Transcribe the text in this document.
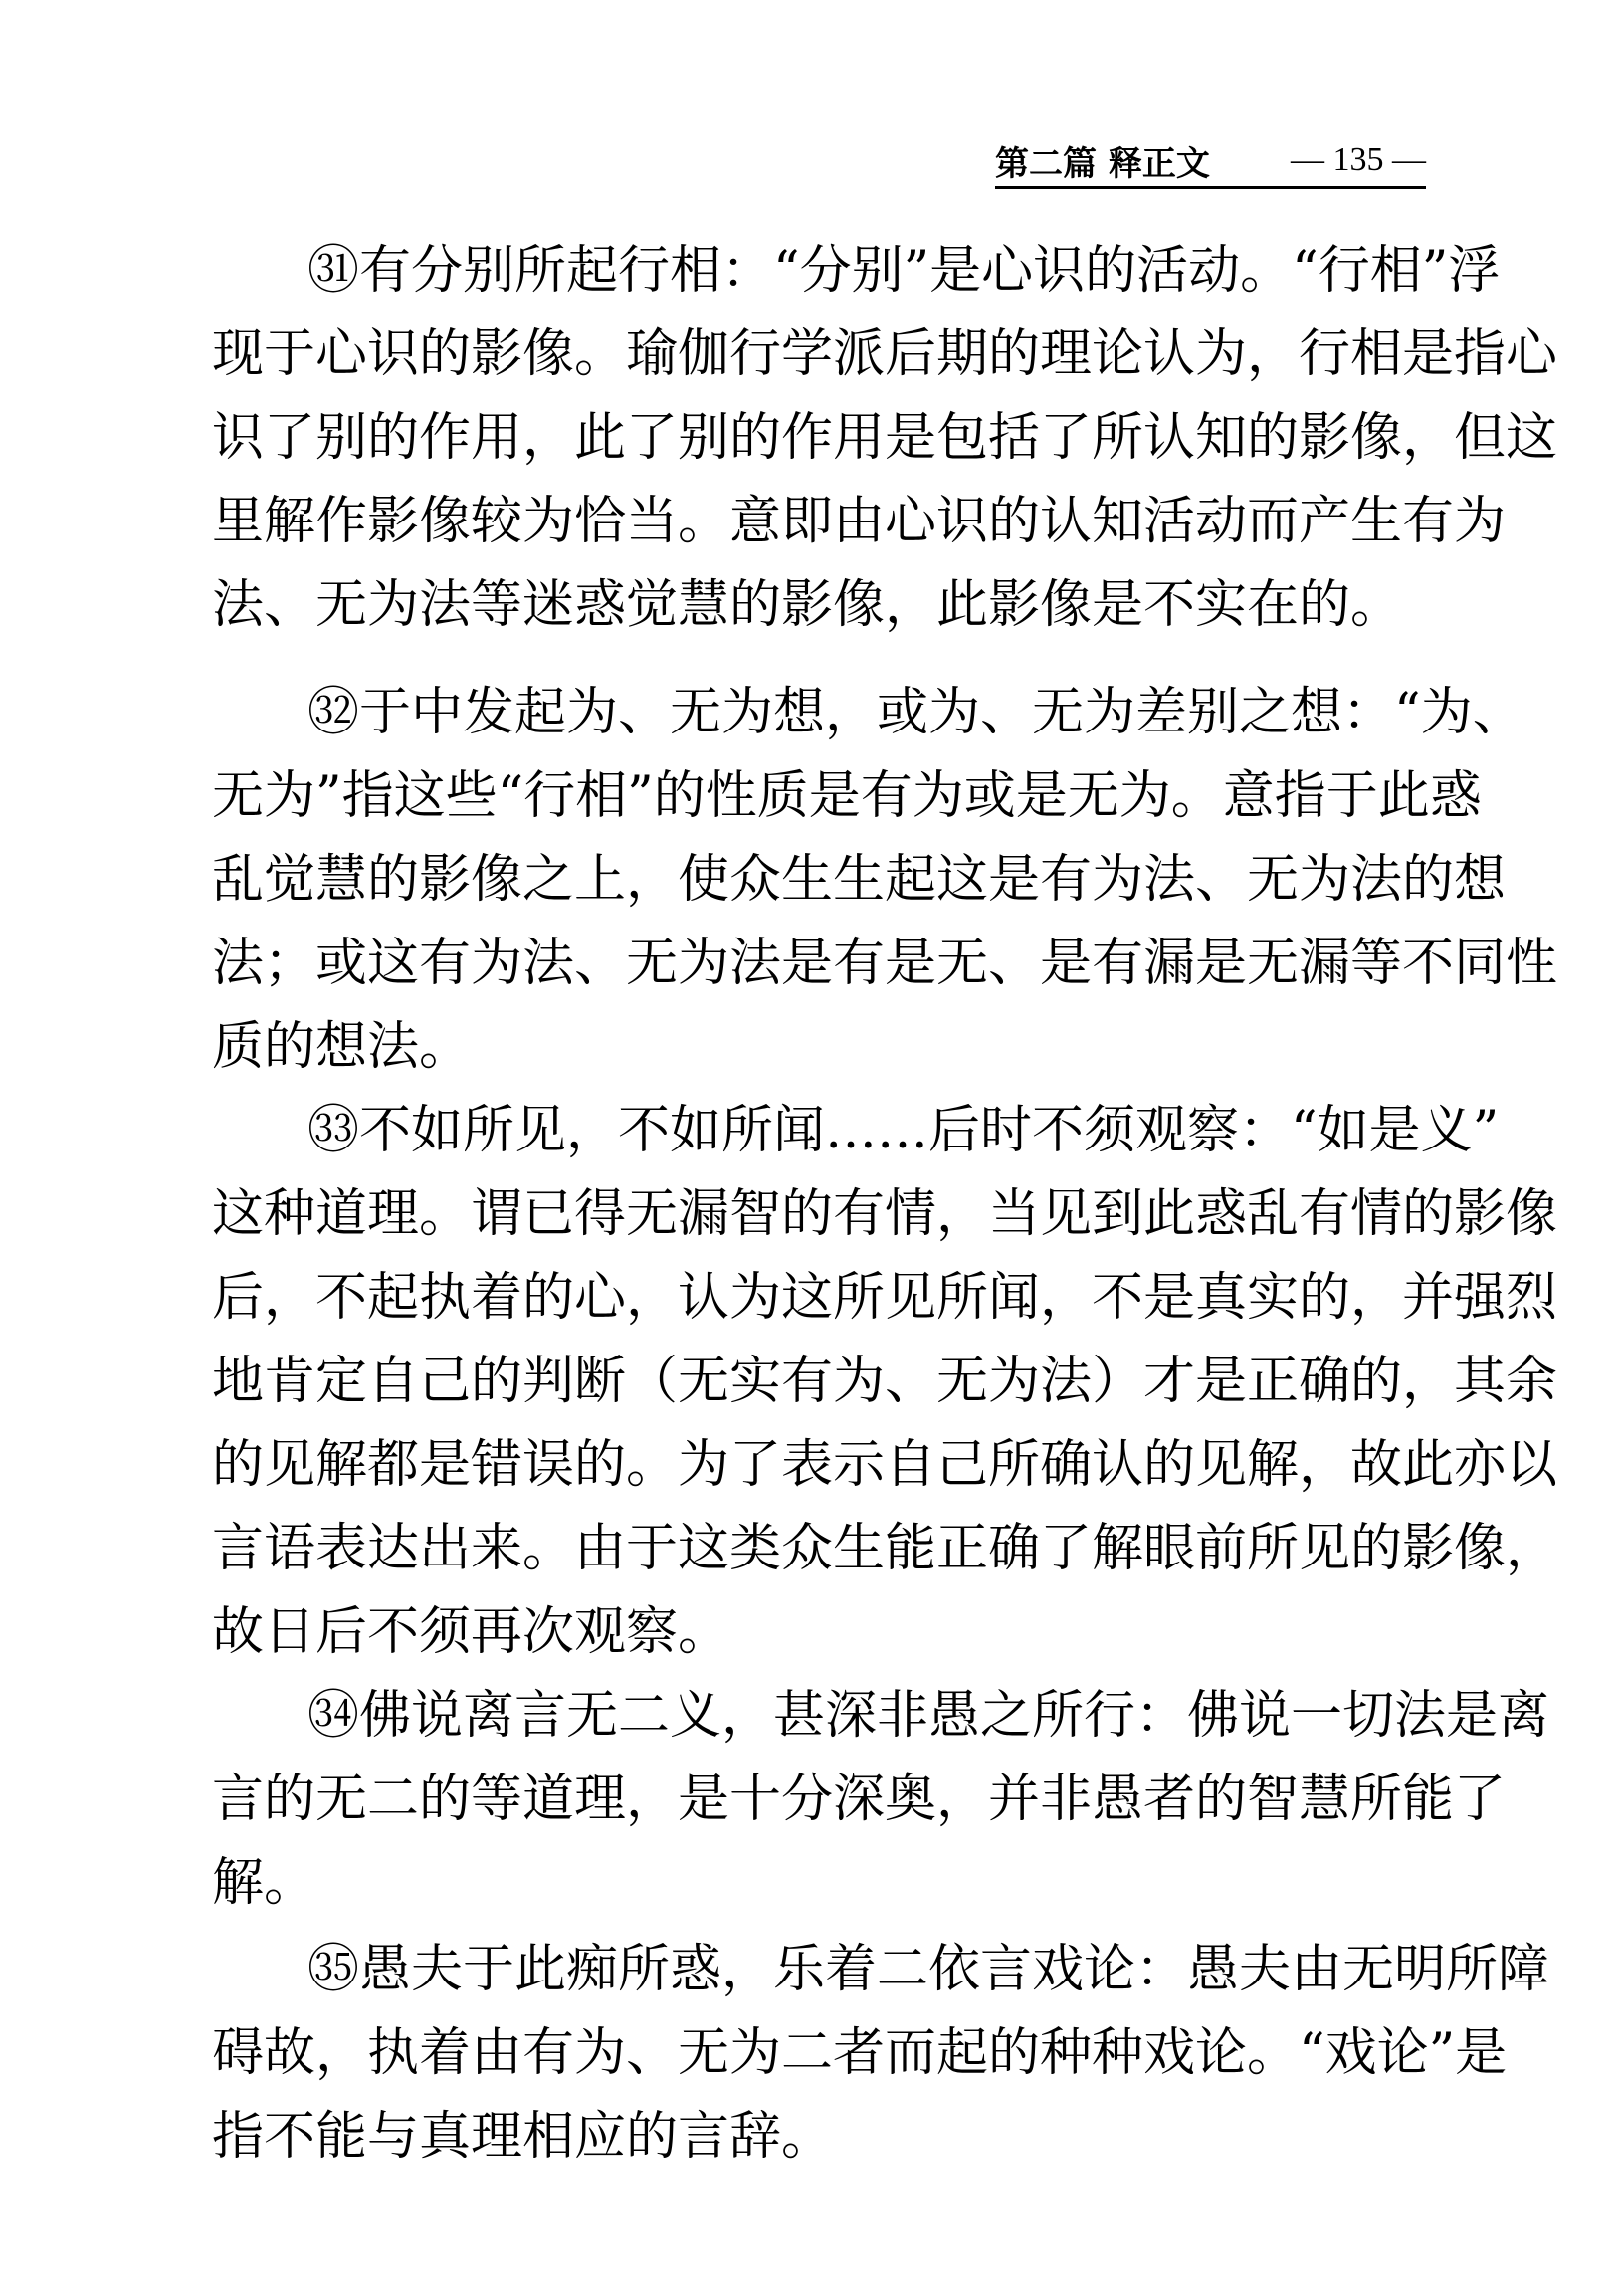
第二篇 释正文 — 135 —
㉛有分别所起行相：“分别”是心识的活动。“行相”浮
现于心识的影像。瑜伽行学派后期的理论认为，行相是指心
识了别的作用，此了别的作用是包括了所认知的影像，但这
里解作影像较为恰当。意即由心识的认知活动而产生有为
法、无为法等迷惑觉慧的影像，此影像是不实在的。
㉜于中发起为、无为想，或为、无为差别之想：“为、
无为”指这些“行相”的性质是有为或是无为。意指于此惑
乱觉慧的影像之上，使众生生起这是有为法、无为法的想
法；或这有为法、无为法是有是无、是有漏是无漏等不同性
质的想法。
㉝不如所见，不如所闻……后时不须观察：“如是义”
这种道理。谓已得无漏智的有情，当见到此惑乱有情的影像
后，不起执着的心，认为这所见所闻，不是真实的，并强烈
地肯定自己的判断（无实有为、无为法）才是正确的，其余
的见解都是错误的。为了表示自己所确认的见解，故此亦以
言语表达出来。由于这类众生能正确了解眼前所见的影像，
故日后不须再次观察。
㉞佛说离言无二义，甚深非愚之所行：佛说一切法是离
言的无二的等道理，是十分深奥，并非愚者的智慧所能了
解。
㉟愚夫于此痴所惑，乐着二依言戏论：愚夫由无明所障
碍故，执着由有为、无为二者而起的种种戏论。“戏论”是
指不能与真理相应的言辞。
